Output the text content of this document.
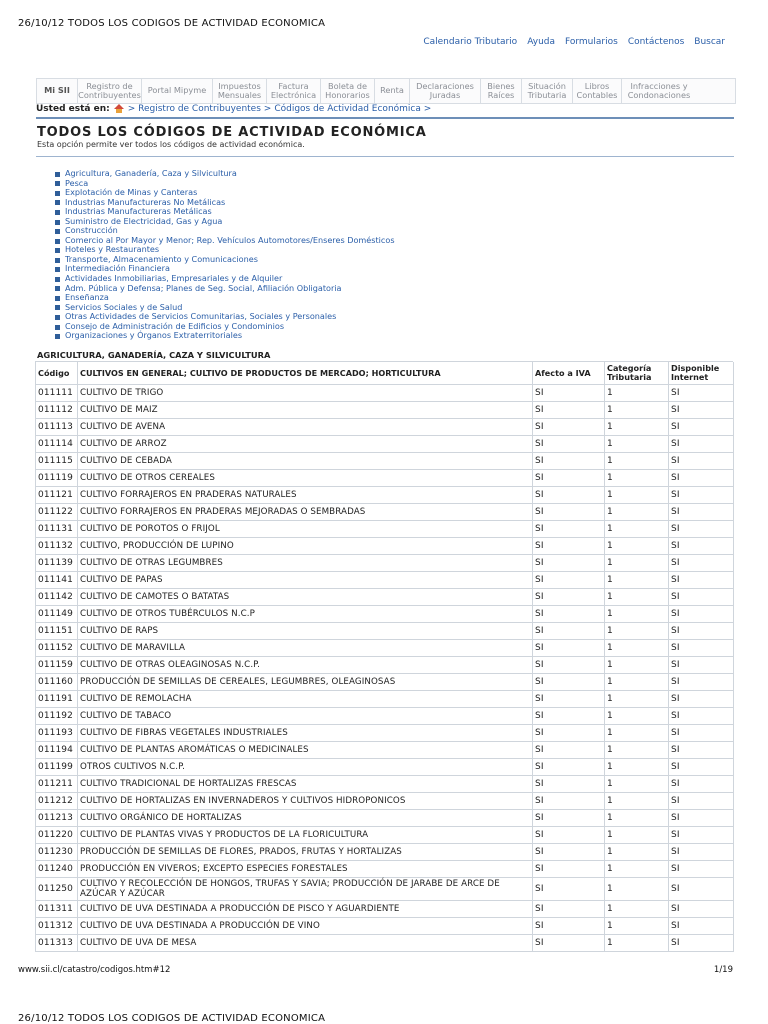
26/10/12 TODOS LOS CODIGOS DE ACTIVIDAD ECONOMICA
Calendario Tributario Ayuda Formularios Contáctenos Buscar
Mi SII	Registro de
Contribuyentes Portal Mipyme	Impuestos
Mensuales
Factura
Electrónica
Boleta de
Honorarios	Renta	Declaraciones
Juradas
Bienes
Raíces
Situación
Tributaria
Libros
Contables
Infracciones y
Condonaciones
Usted está en: > Registro de Contribuyentes > Códigos de Actividad Económica >
TODOS LOS CÓDIGOS DE ACTIVIDAD ECONÓMICA
Esta opción permite ver todos los códigos de actividad económica.
Agricultura, Ganadería, Caza y Silvicultura
Pesca
Explotación de Minas y Canteras
Industrias Manufactureras No Metálicas
Industrias Manufactureras Metálicas
Suministro de Electricidad, Gas y Agua
Construcción
Comercio al Por Mayor y Menor; Rep. Vehículos Automotores/Enseres Domésticos
Hoteles y Restaurantes
Transporte, Almacenamiento y Comunicaciones
Intermediación Financiera
Actividades Inmobiliarias, Empresariales y de Alquiler
Adm. Pública y Defensa; Planes de Seg. Social, Afiliación Obligatoria
Enseñanza
Servicios Sociales y de Salud
Otras Actividades de Servicios Comunitarias, Sociales y Personales
Consejo de Administración de Edificios y Condominios
Organizaciones y Órganos Extraterritoriales
AGRICULTURA, GANADERÍA, CAZA Y SILVICULTURA
Código	CULTIVOS EN GENERAL; CULTIVO DE PRODUCTOS DE MERCADO; HORTICULTURA	Afecto a IVA	Categoría Tributaria	Disponible Internet
011111	CULTIVO DE TRIGO	SI	1	SI
011112	CULTIVO DE MAIZ	SI	1	SI
011113	CULTIVO DE AVENA	SI	1	SI
011114	CULTIVO DE ARROZ	SI	1	SI
011115	CULTIVO DE CEBADA	SI	1	SI
011119	CULTIVO DE OTROS CEREALES	SI	1	SI
011121	CULTIVO FORRAJEROS EN PRADERAS NATURALES	SI	1	SI
011122	CULTIVO FORRAJEROS EN PRADERAS MEJORADAS O SEMBRADAS	SI	1	SI
011131	CULTIVO DE POROTOS O FRIJOL	SI	1	SI
011132	CULTIVO, PRODUCCIÓN DE LUPINO	SI	1	SI
011139	CULTIVO DE OTRAS LEGUMBRES	SI	1	SI
011141	CULTIVO DE PAPAS	SI	1	SI
011142	CULTIVO DE CAMOTES O BATATAS	SI	1	SI
011149	CULTIVO DE OTROS TUBÉRCULOS N.C.P	SI	1	SI
011151	CULTIVO DE RAPS	SI	1	SI
011152	CULTIVO DE MARAVILLA	SI	1	SI
011159	CULTIVO DE OTRAS OLEAGINOSAS N.C.P.	SI	1	SI
011160	PRODUCCIÓN DE SEMILLAS DE CEREALES, LEGUMBRES, OLEAGINOSAS	SI	1	SI
011191	CULTIVO DE REMOLACHA	SI	1	SI
011192	CULTIVO DE TABACO	SI	1	SI
011193	CULTIVO DE FIBRAS VEGETALES INDUSTRIALES	SI	1	SI
011194	CULTIVO DE PLANTAS AROMÁTICAS O MEDICINALES	SI	1	SI
011199	OTROS CULTIVOS N.C.P.	SI	1	SI
011211	CULTIVO TRADICIONAL DE HORTALIZAS FRESCAS	SI	1	SI
011212	CULTIVO DE HORTALIZAS EN INVERNADEROS Y CULTIVOS HIDROPONICOS	SI	1	SI
011213	CULTIVO ORGÁNICO DE HORTALIZAS	SI	1	SI
011220	CULTIVO DE PLANTAS VIVAS Y PRODUCTOS DE LA FLORICULTURA	SI	1	SI
011230	PRODUCCIÓN DE SEMILLAS DE FLORES, PRADOS, FRUTAS Y HORTALIZAS	SI	1	SI
011240	PRODUCCIÓN EN VIVEROS; EXCEPTO ESPECIES FORESTALES	SI	1	SI
011250	CULTIVO Y RECOLECCIÓN DE HONGOS, TRUFAS Y SAVIA; PRODUCCIÓN DE JARABE DE ARCE DE AZÚCAR Y AZÚCAR	SI	1	SI
011311	CULTIVO DE UVA DESTINADA A PRODUCCIÓN DE PISCO Y AGUARDIENTE	SI	1	SI
011312	CULTIVO DE UVA DESTINADA A PRODUCCIÓN DE VINO	SI	1	SI
011313	CULTIVO DE UVA DE MESA	SI	1	SI
www.sii.cl/catastro/codigos.htm#12	1/19
26/10/12 TODOS LOS CODIGOS DE ACTIVIDAD ECONOMICA
